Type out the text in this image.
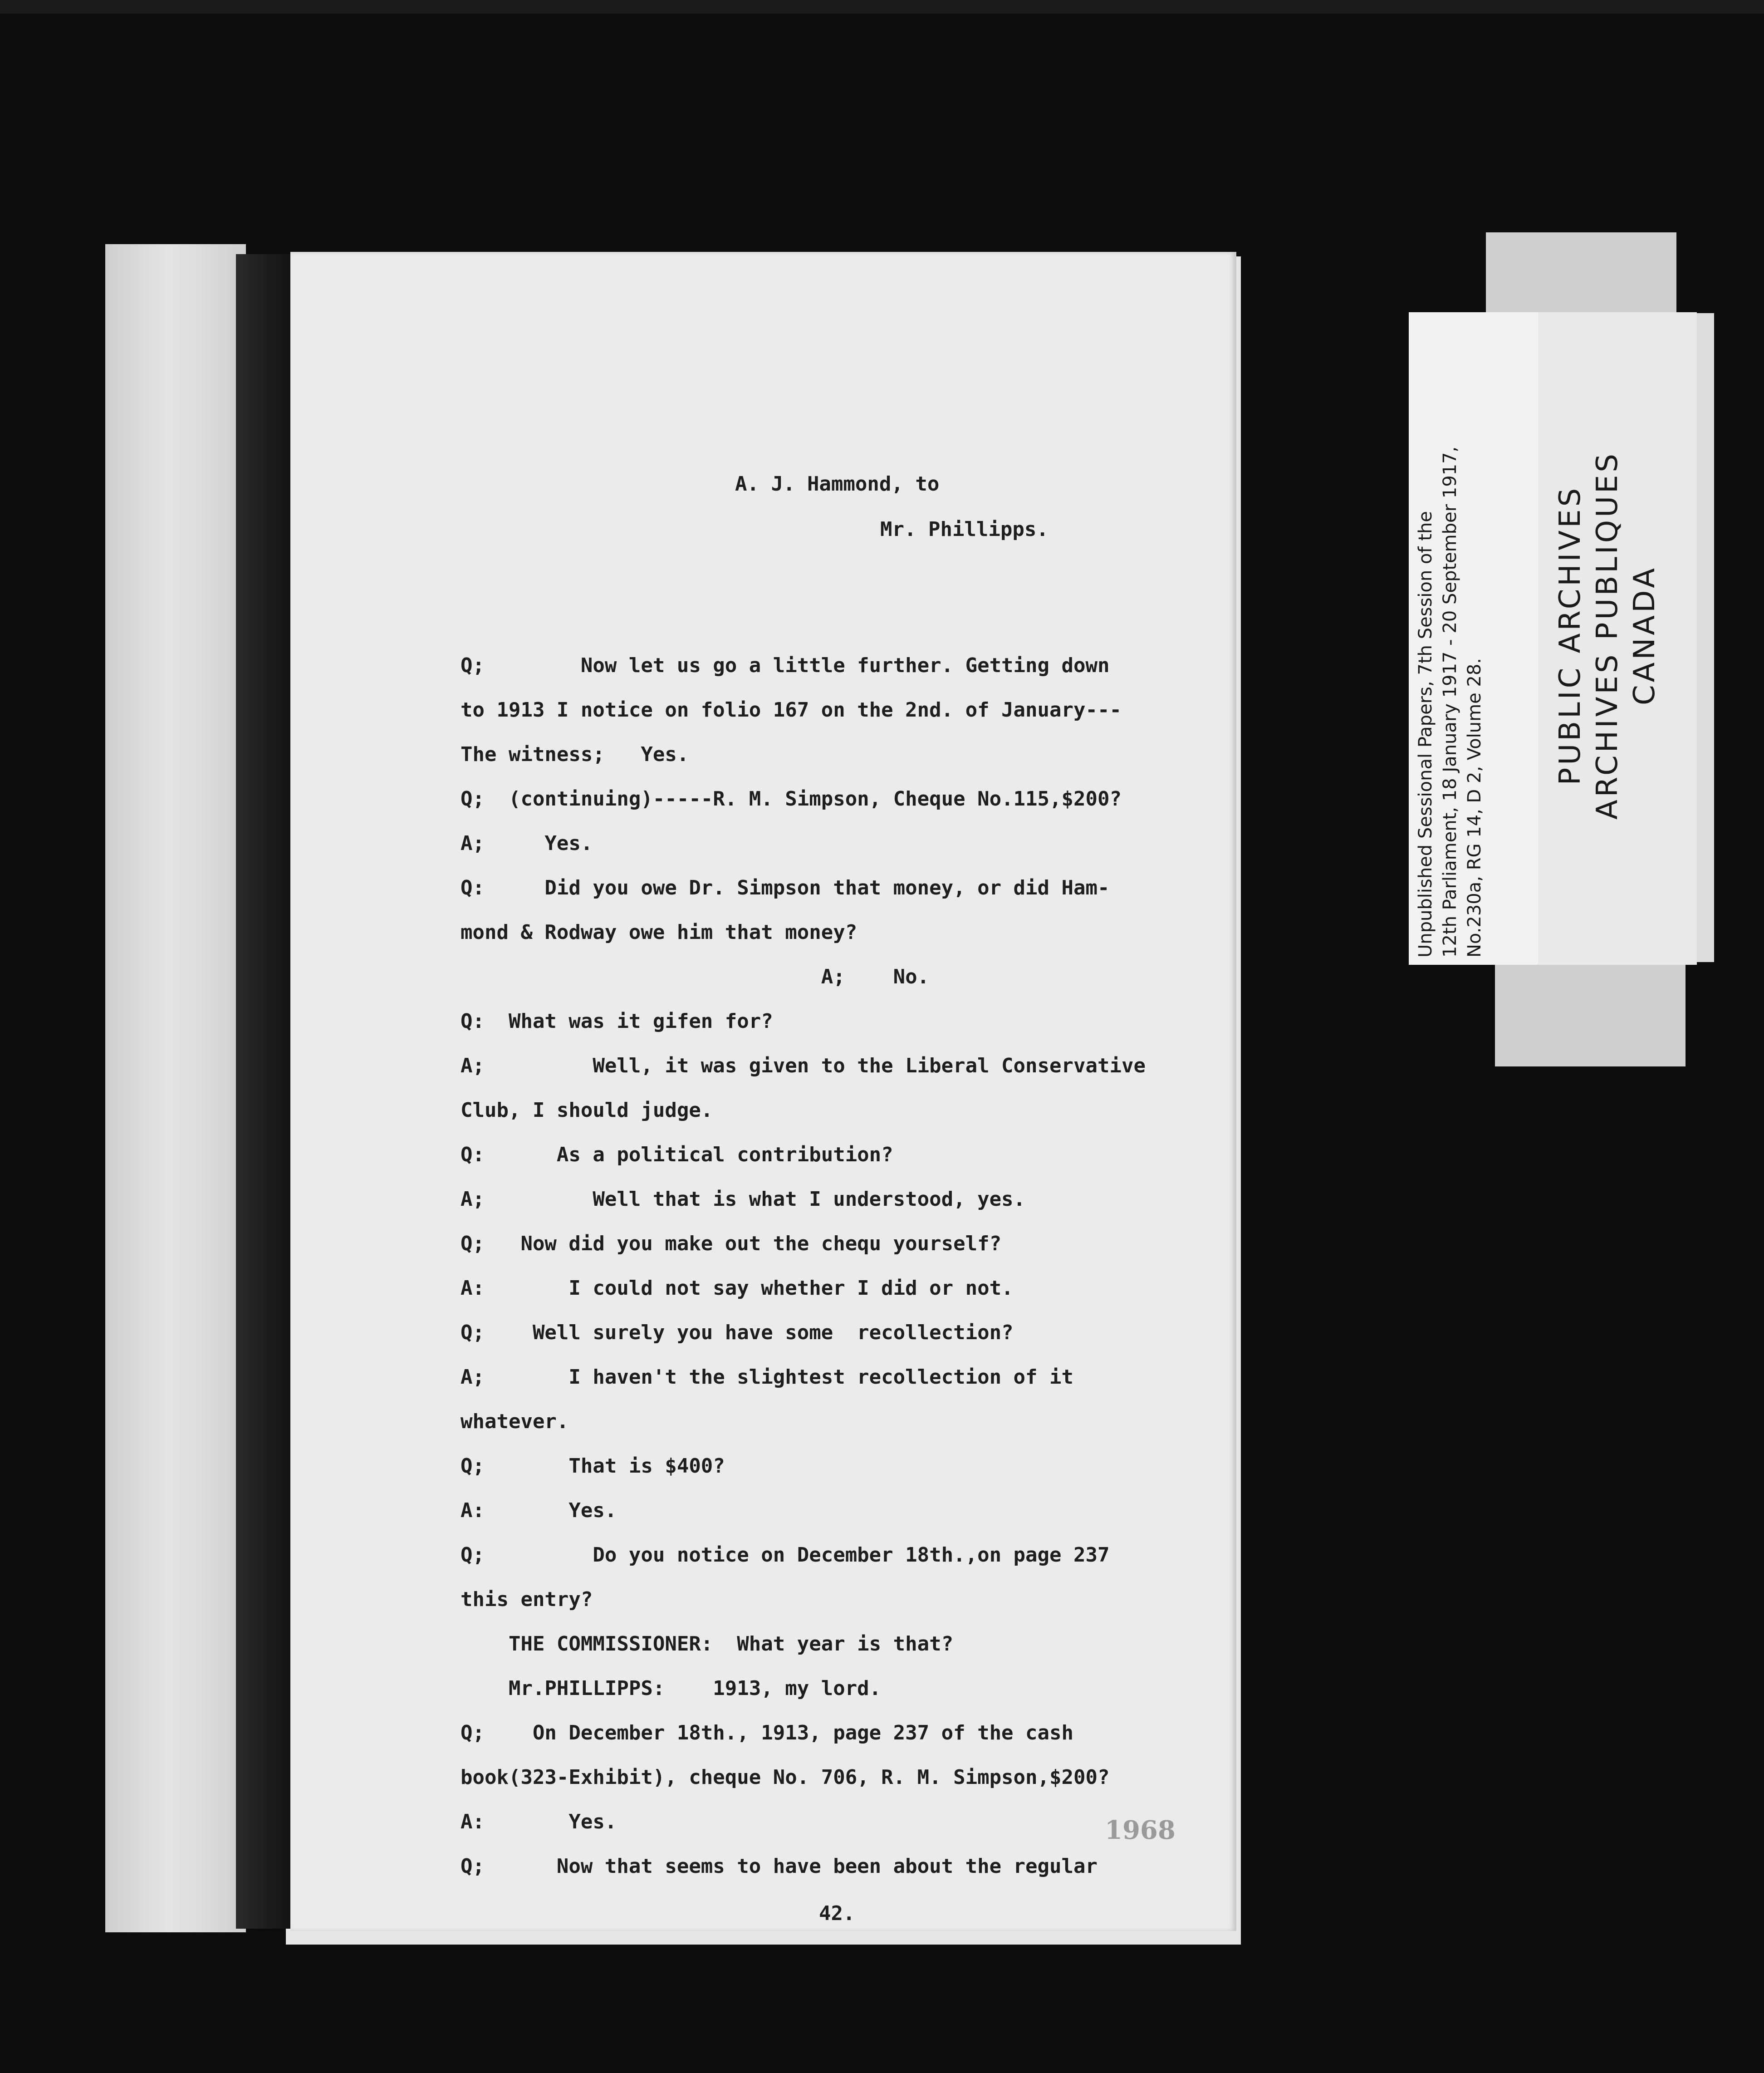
A. J. Hammond, to
Mr. Phillipps.
Q;        Now let us go a little further. Getting down
to 1913 I notice on folio 167 on the 2nd. of January---
The witness;   Yes.
Q;  (continuing)-----R. M. Simpson, Cheque No.115,$200?
A;     Yes.
Q:     Did you owe Dr. Simpson that money, or did Ham-
mond & Rodway owe him that money?
A;    No.
Q:  What was it gifen for?
A;         Well, it was given to the Liberal Conservative
Club, I should judge.
Q:      As a political contribution?
A;         Well that is what I understood, yes.
Q;   Now did you make out the chequ yourself?
A:       I could not say whether I did or not.
Q;    Well surely you have some  recollection?
A;       I haven't the slightest recollection of it
whatever.
Q;       That is $400?
A:       Yes.
Q;         Do you notice on December 18th.,on page 237
this entry?
THE COMMISSIONER:  What year is that?
Mr.PHILLIPPS:    1913, my lord.
Q;    On December 18th., 1913, page 237 of the cash
book(323-Exhibit), cheque No. 706, R. M. Simpson,$200?
A:       Yes.
Q;      Now that seems to have been about the regular
42.
1968
Unpublished Sessional Papers, 7th Session of the 12th Parliament, 18 January 1917 - 20 September 1917, No.230a, RG 14, D 2, Volume 28.
PUBLIC ARCHIVES ARCHIVES PUBLIQUES CANADA
